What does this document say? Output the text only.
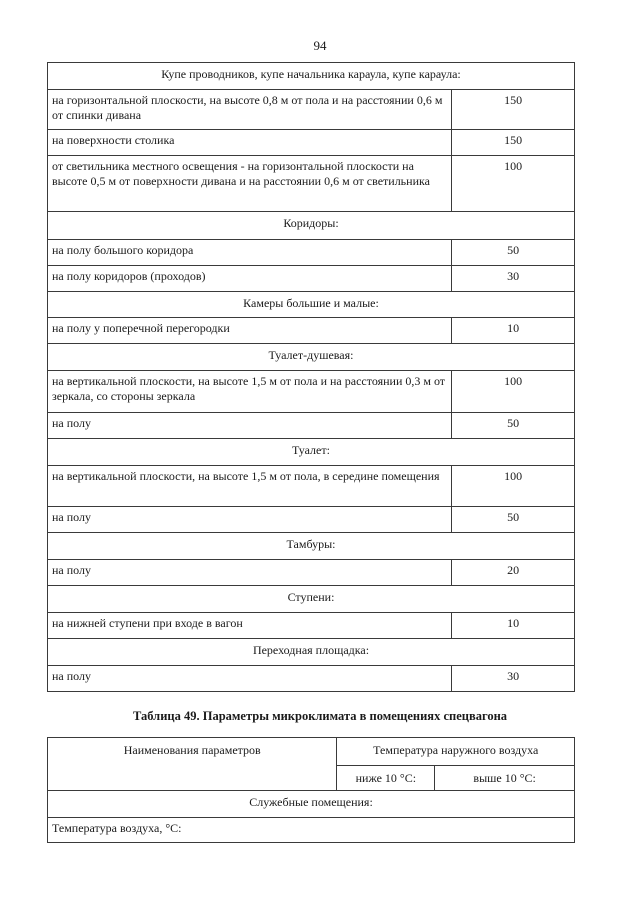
94
Купе проводников, купе начальника караула, купе караула:	
на горизонтальной плоскости, на высоте 0,8 м от пола и на расстоянии 0,6 м от спинки дивана	150
на поверхности столика	150
от светильника местного освещения - на горизонтальной плоскости на высоте 0,5 м от поверхности дивана и на расстоянии 0,6 м от светильника	100
Коридоры:	
на полу большого коридора	50
на полу коридоров (проходов)	30
Камеры большие и малые:	
на полу у поперечной перегородки	10
Туалет-душевая:	
на вертикальной плоскости, на высоте 1,5 м от пола и на расстоянии 0,3 м от зеркала, со стороны зеркала	100
на полу	50
Туалет:	
на вертикальной плоскости, на высоте 1,5 м от пола, в середине помещения	100
на полу	50
Тамбуры:	
на полу	20
Ступени:	
на нижней ступени при входе в вагон	10
Переходная площадка:	
на полу	30
Таблица 49. Параметры микроклимата в помещениях спецвагона
Наименования параметров	Температура наружного воздуха	
	ниже 10 °С:	выше 10 °С:
Служебные помещения:		
Температура воздуха, °С:		
